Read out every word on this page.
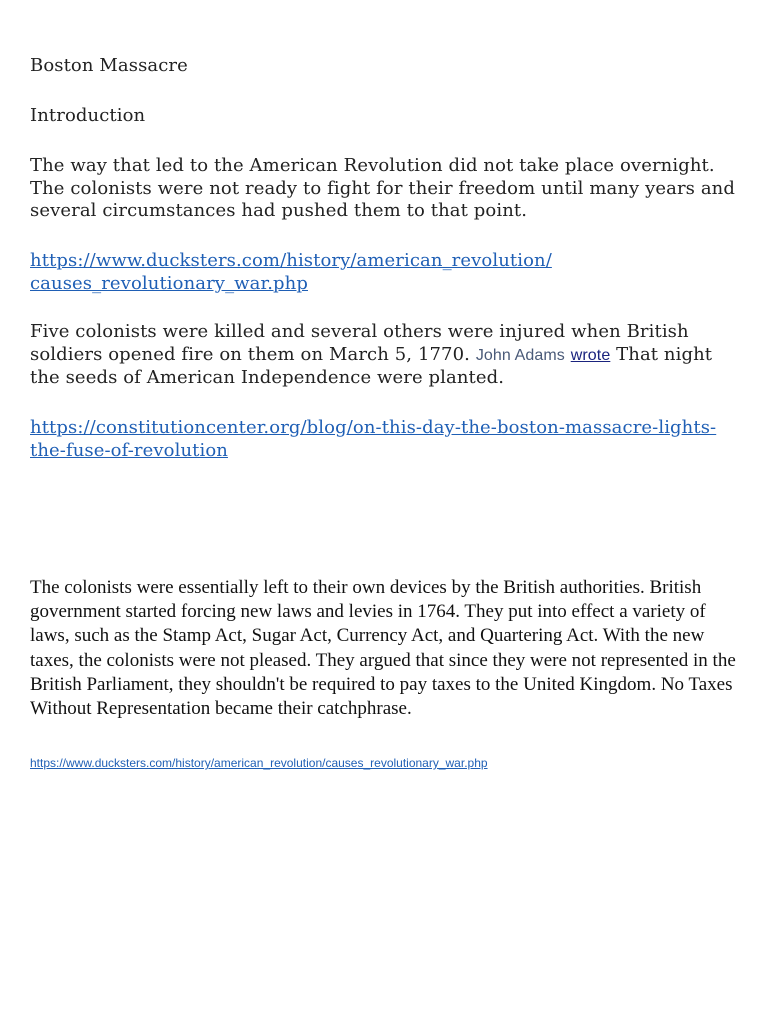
Boston Massacre
Introduction
The way that led to the American Revolution did not take place overnight. The colonists were not ready to fight for their freedom until many years and several circumstances had pushed them to that point.
https://www.ducksters.com/history/american_revolution/
causes_revolutionary_war.php
Five colonists were killed and several others were injured when British soldiers opened fire on them on March 5, 1770. John Adams wrote That night the seeds of American Independence were planted.
https://constitutioncenter.org/blog/on-this-day-the-boston-massacre-lights-the-fuse-of-revolution
The colonists were essentially left to their own devices by the British authorities. British government started forcing new laws and levies in 1764. They put into effect a variety of laws, such as the Stamp Act, Sugar Act, Currency Act, and Quartering Act. With the new taxes, the colonists were not pleased. They argued that since they were not represented in the British Parliament, they shouldn't be required to pay taxes to the United Kingdom. No Taxes Without Representation became their catchphrase.
https://www.ducksters.com/history/american_revolution/causes_revolutionary_war.php
